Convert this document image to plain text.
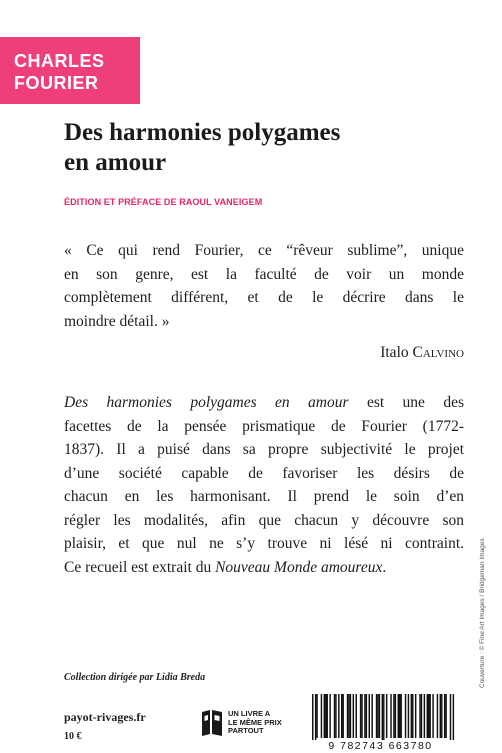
CHARLES
FOURIER
Des harmonies polygames
en amour
ÉDITION ET PRÉFACE DE RAOUL VANEIGEM
« Ce qui rend Fourier, ce “rêveur sublime”, unique
en son genre, est la faculté de voir un monde
complètement différent, et de le décrire dans le
moindre détail. »
Italo Calvino
Des harmonies polygames en amour est une des
facettes de la pensée prismatique de Fourier (1772-
1837). Il a puisé dans sa propre subjectivité le projet
d’une société capable de favoriser les désirs de
chacun en les harmonisant. Il prend le soin d’en
régler les modalités, afin que chacun y découvre son
plaisir, et que nul ne s’y trouve ni lésé ni contraint.
Ce recueil est extrait du Nouveau Monde amoureux.	Couverture : © Fine Art Images / Bridgeman Images
Collection dirigée par Lidia Breda
payot-rivages.fr
10 €
UN LIVRE A
LE MÊME PRIX
PARTOUT
9 782743 663780
